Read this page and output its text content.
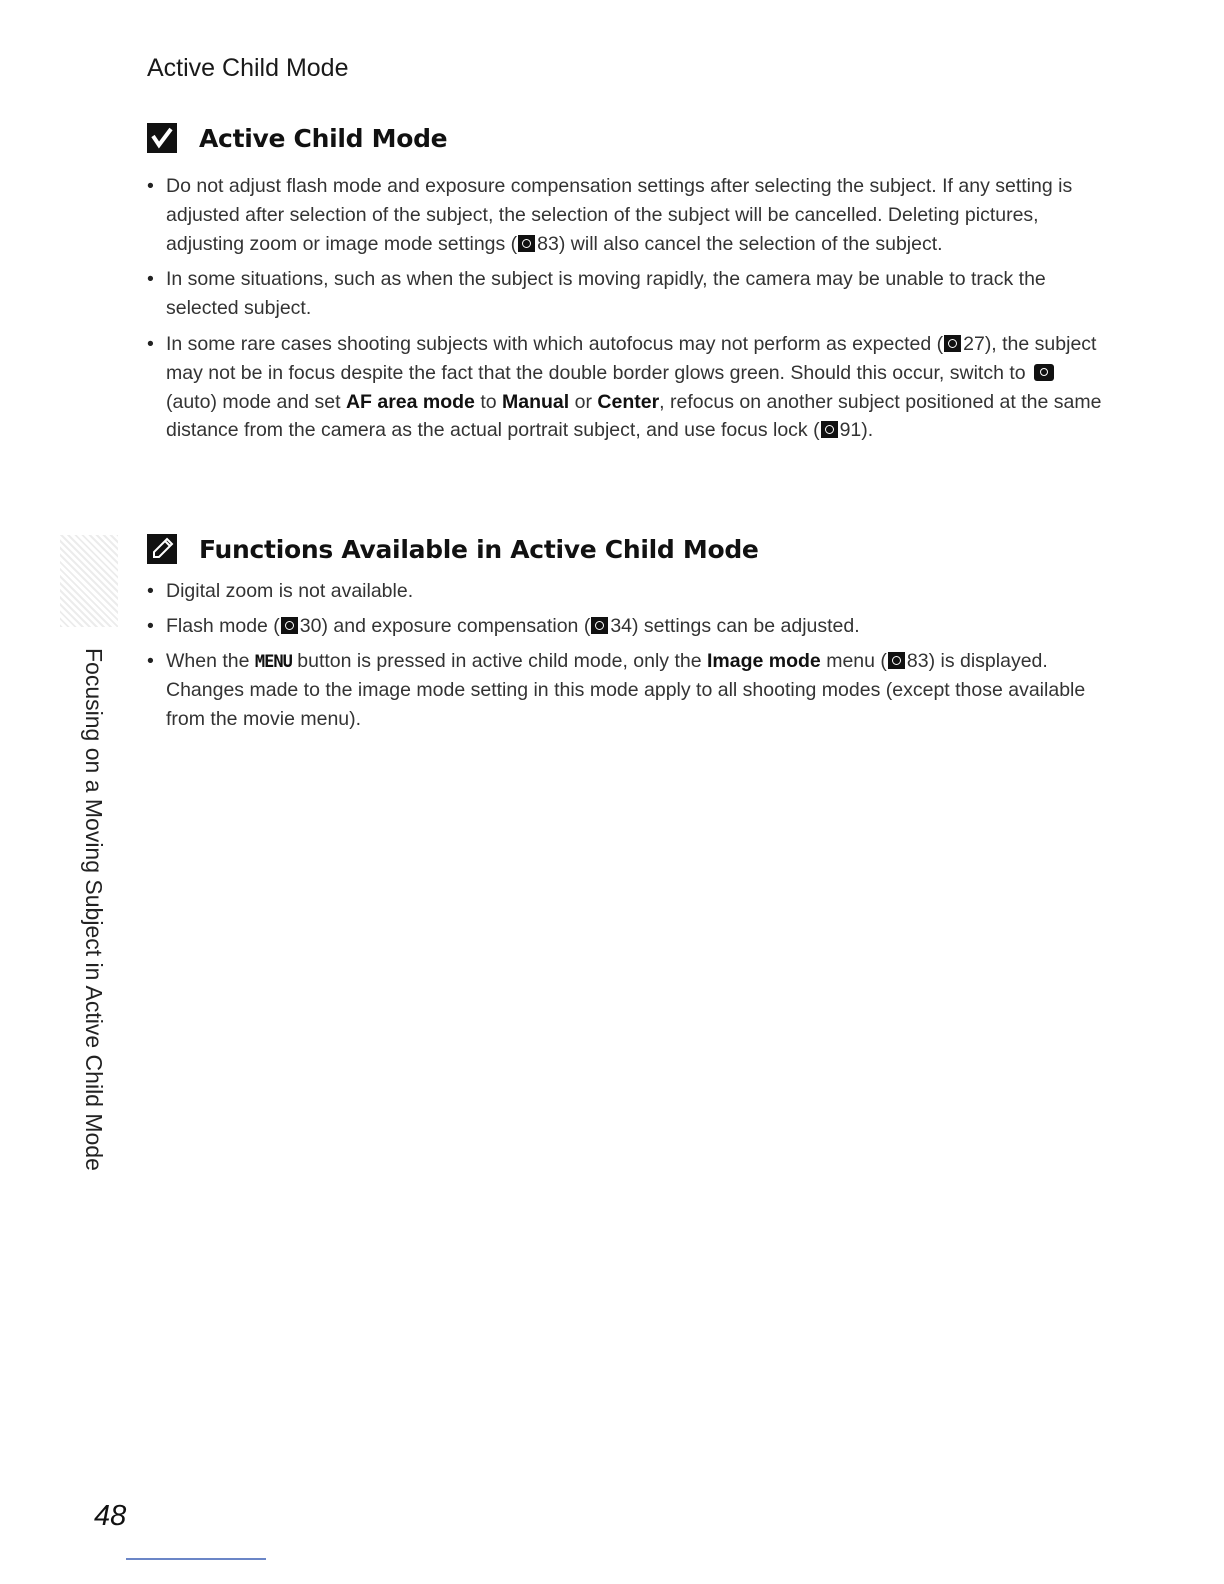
Active Child Mode
Active Child Mode
• Do not adjust flash mode and exposure compensation settings after selecting the subject. If any setting is adjusted after selection of the subject, the selection of the subject will be cancelled. Deleting pictures, adjusting zoom or image mode settings ( 83) will also cancel the selection of the subject.
• In some situations, such as when the subject is moving rapidly, the camera may be unable to track the selected subject.
• In some rare cases shooting subjects with which autofocus may not perform as expected ( 27), the subject may not be in focus despite the fact that the double border glows green. Should this occur, switch to  (auto) mode and set AF area mode to Manual or Center, refocus on another subject positioned at the same distance from the camera as the actual portrait subject, and use focus lock ( 91).
Functions Available in Active Child Mode
• Digital zoom is not available.
• Flash mode ( 30) and exposure compensation ( 34) settings can be adjusted.
• When the MENU button is pressed in active child mode, only the Image mode menu ( 83) is displayed. Changes made to the image mode setting in this mode apply to all shooting modes (except those available from the movie menu).
Focusing on a Moving Subject in Active Child Mode
48
